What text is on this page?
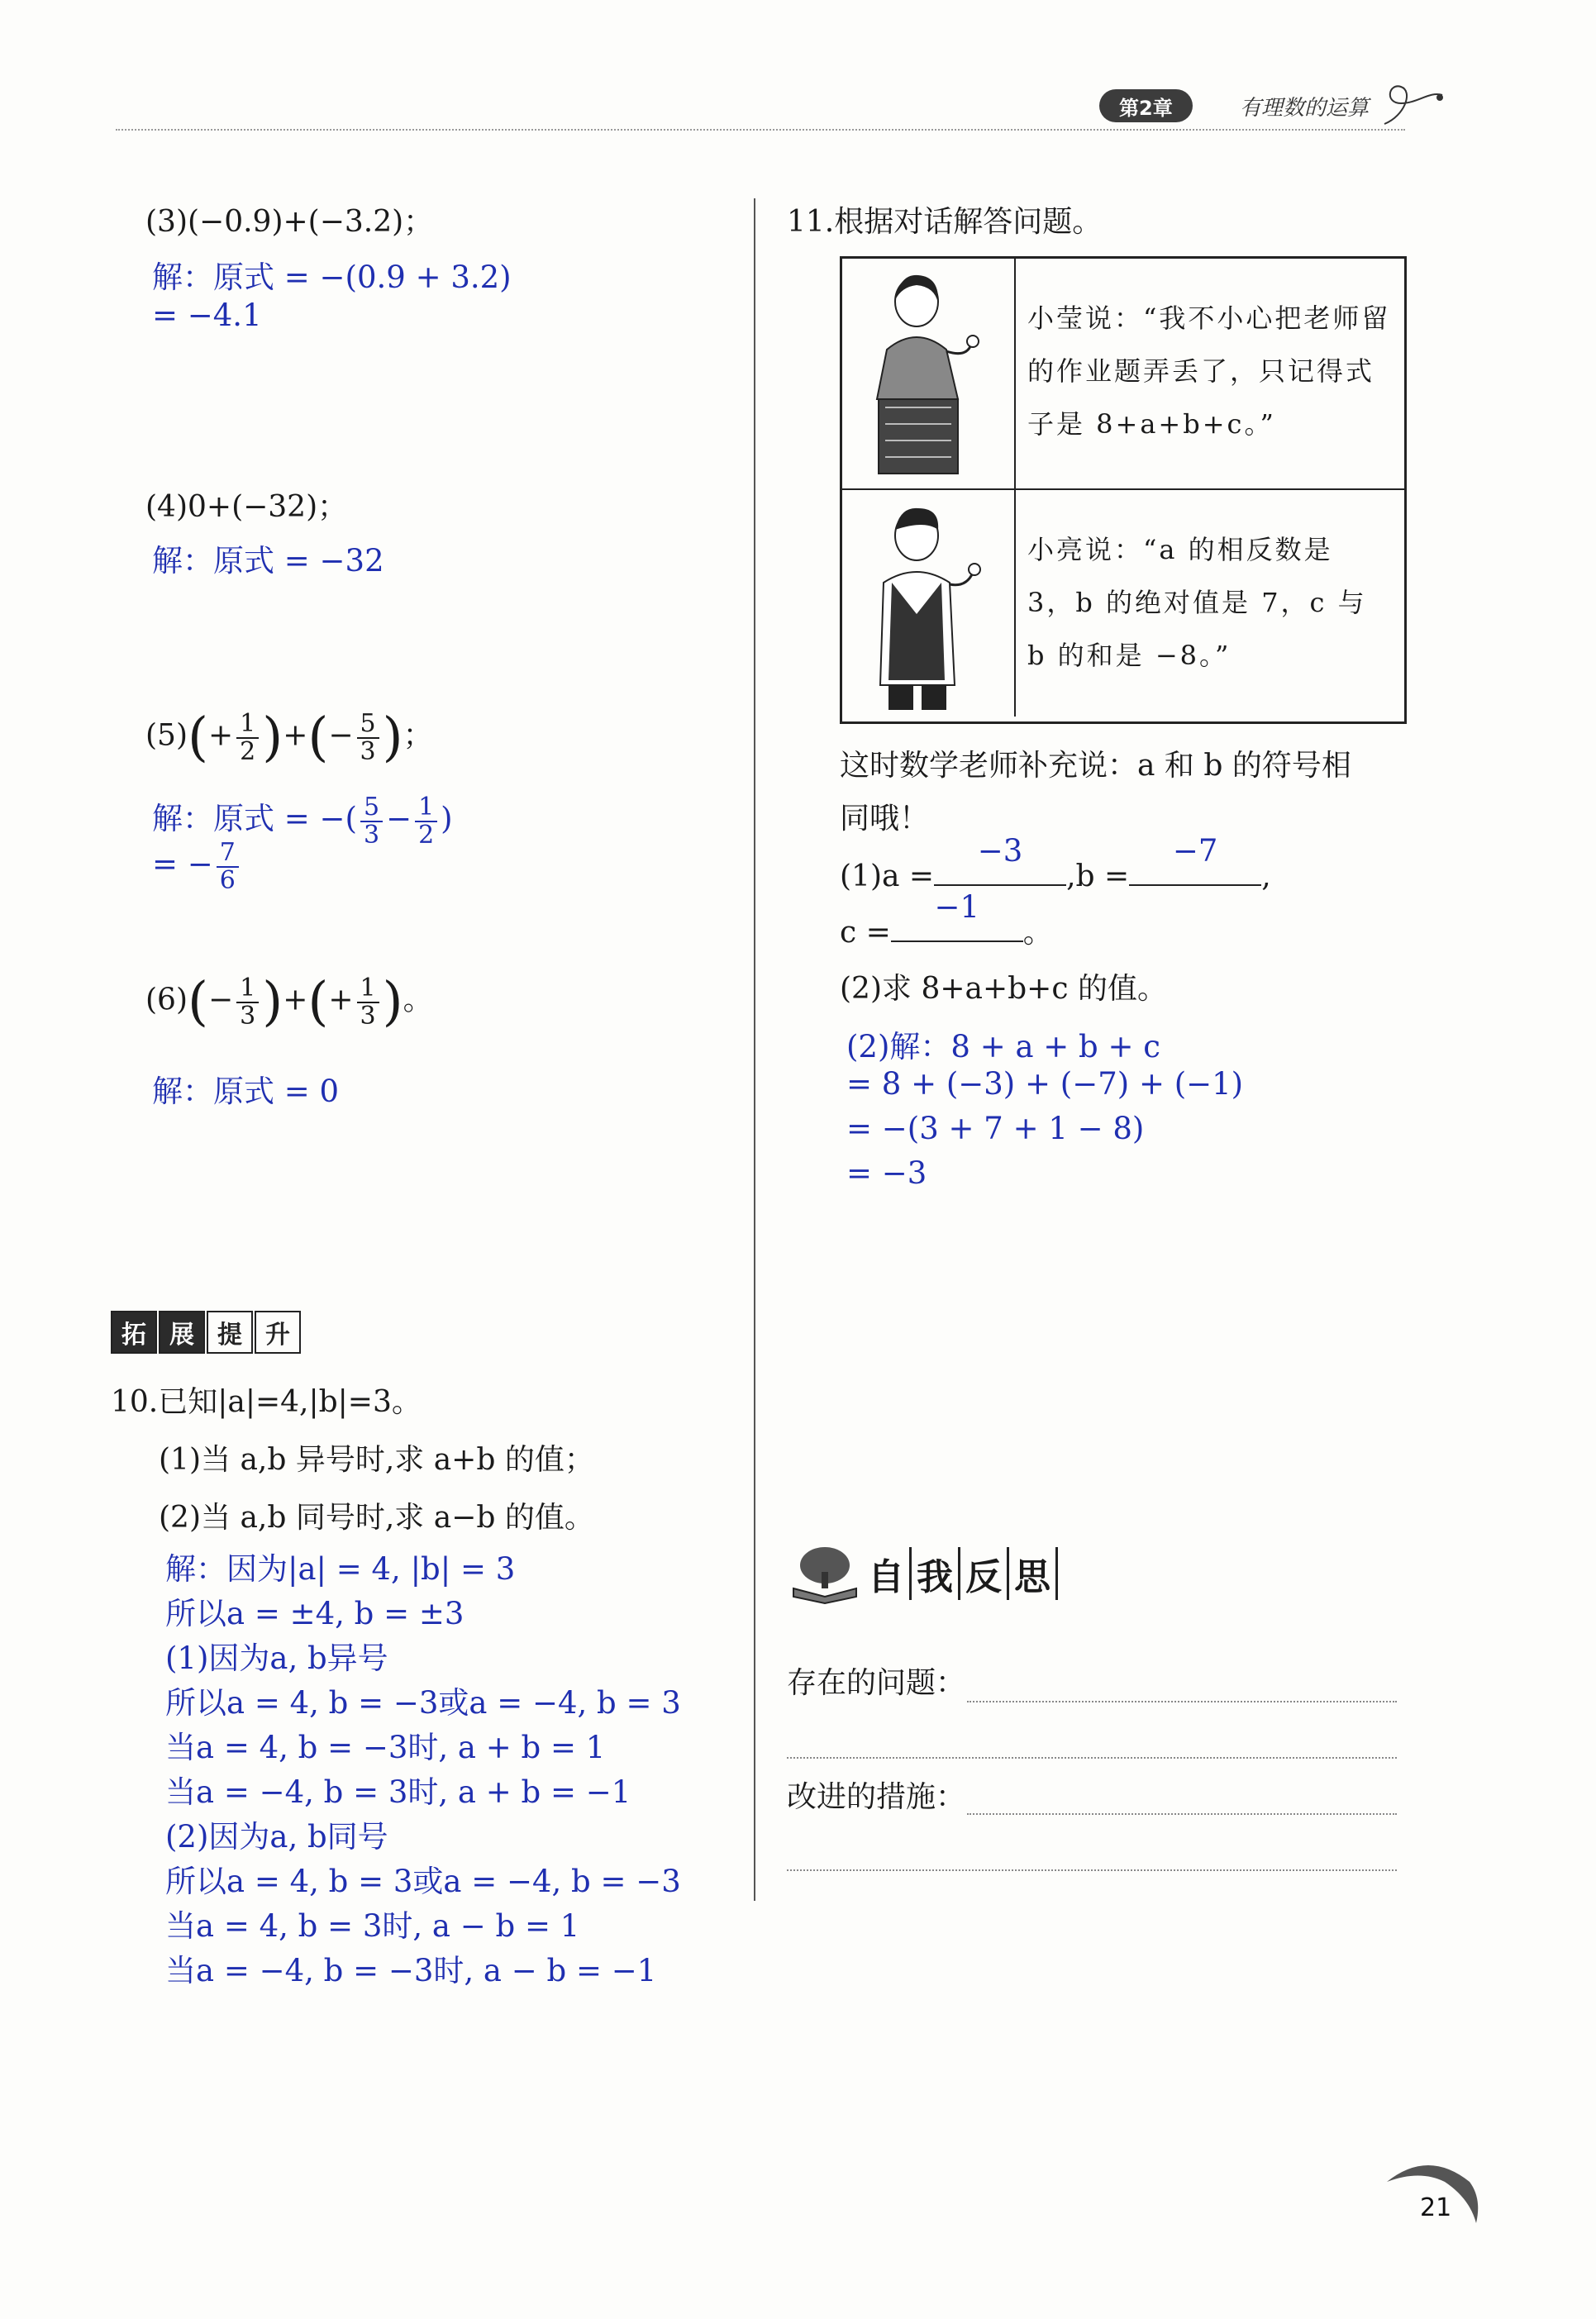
第2章	有理数的运算
(3)(−0.9)+(−3.2)；
解：原式 = −(0.9 + 3.2)
= −4.1
(4)0+(−32)；
解：原式 = −32
$(5)(+ \frac{1}{2}$ )+(− $\frac{5}{3}$ )；
解：原式 = −( $\frac{5}{3} - \frac{1}{2}$ )
= − $\frac{7}{6}$
$(6)(- \frac{1}{3}$ )+(+ $\frac{1}{3}$ )。
解：原式 = 0
拓 展 提 升
10.已知|a|=4,|b|=3。
(1)当 a,b 异号时,求 a+b 的值；
(2)当 a,b 同号时,求 a−b 的值。
解：因为|a| = 4, |b| = 3
所以a = ±4, b = ±3
(1)因为a, b异号
所以a = 4, b = −3或a = −4, b = 3
当a = 4, b = −3时, a + b = 1
当a = −4, b = 3时, a + b = −1
(2)因为a, b同号
所以a = 4, b = 3或a = −4, b = −3
当a = 4, b = 3时, a − b = 1
当a = −4, b = −3时, a − b = −1
11.根据对话解答问题。
小莹说：“我不小心把老师留的作业题弄丢了，只记得式子是 8+a+b+c。”
小亮说：“a 的相反数是 3，b 的绝对值是 7，c 与 b 的和是 −8。”
这时数学老师补充说：a 和 b 的符号相
同哦！
(1)a =
−3
,b =
−7
,
c =
−1
。
(2)求 8+a+b+c 的值。
(2)解：8 + a + b + c
= 8 + (−3) + (−7) + (−1)
= −(3 + 7 + 1 − 8)
= −3
自 我 反 思
存在的问题：
改进的措施：
21
